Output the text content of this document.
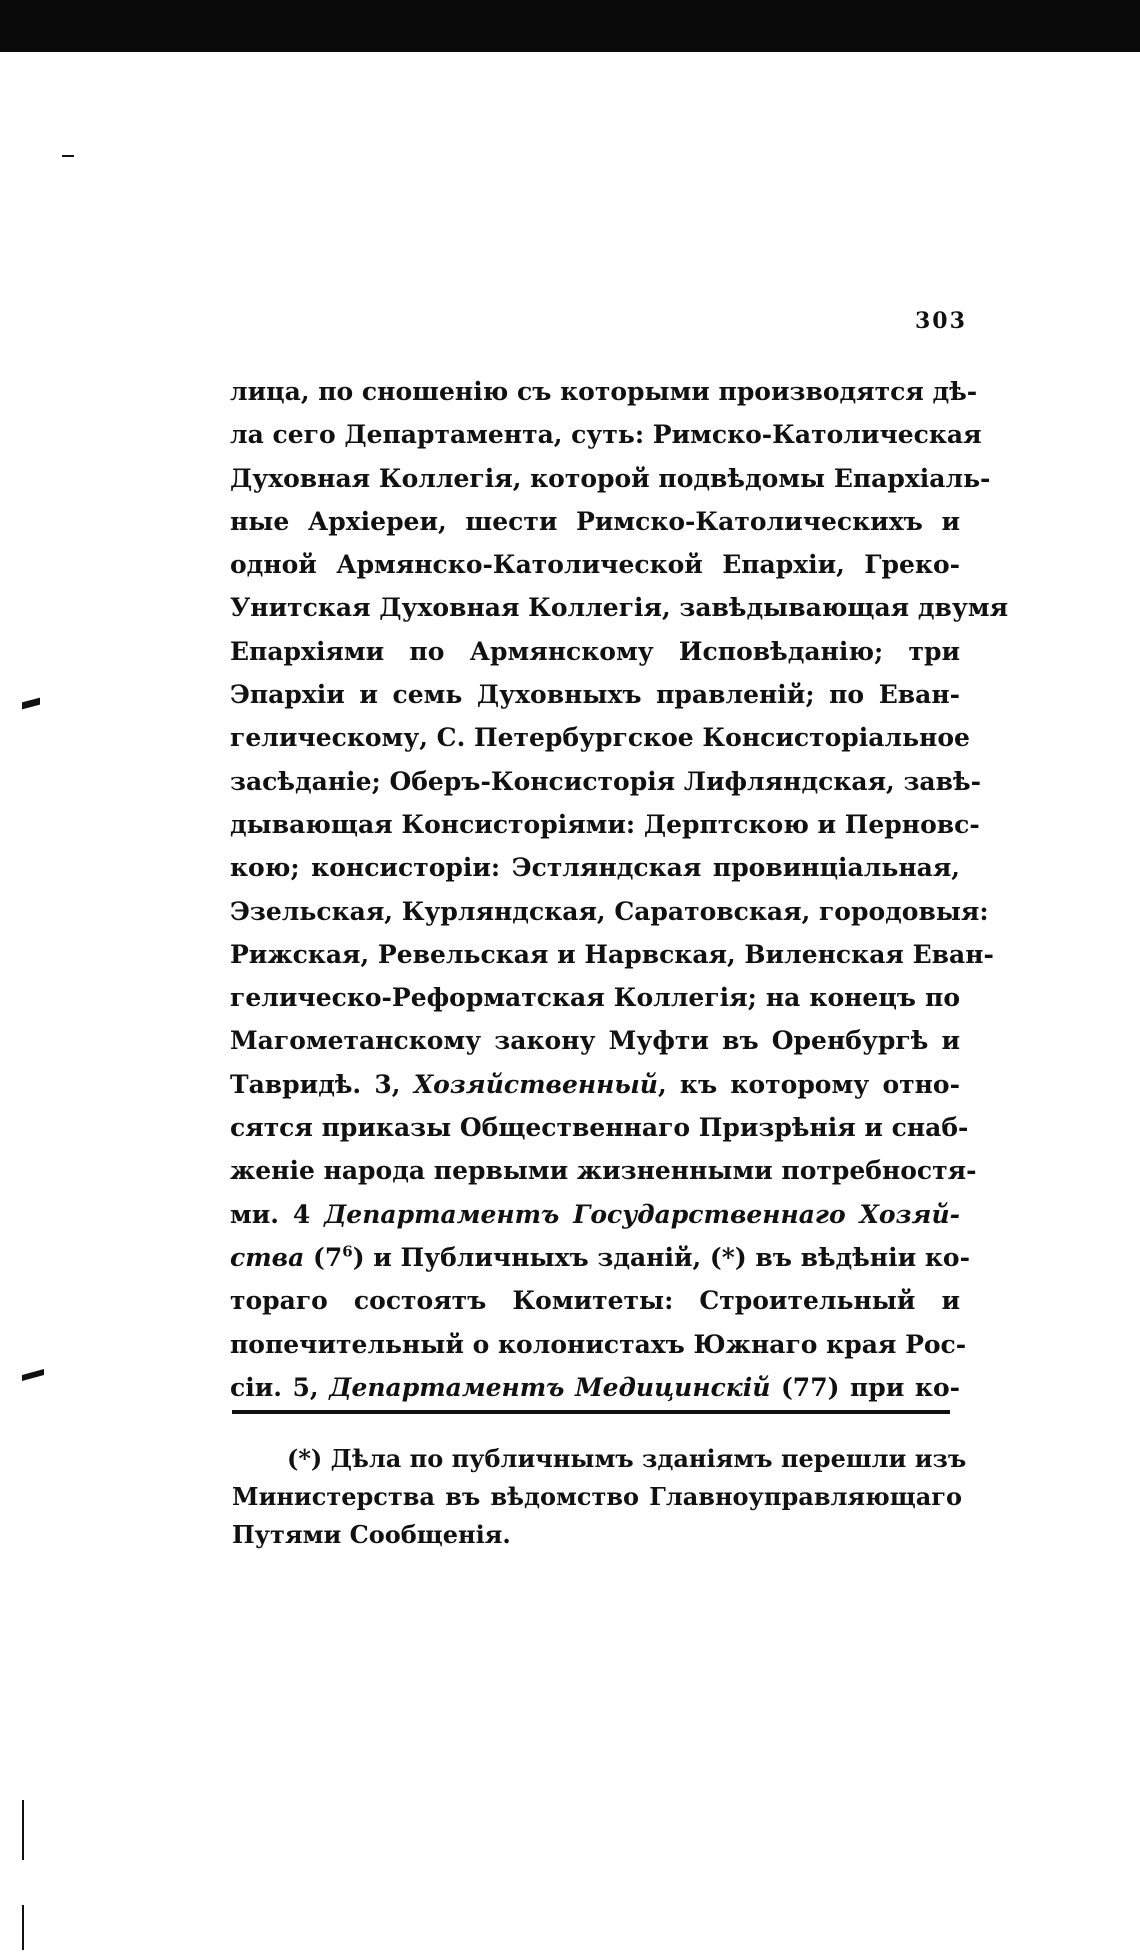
303
лица, по сношенію съ которыми производятся дѣ-
ла сего Департамента, суть: Римско-Католическая
Духовная Коллегія, которой подвѣдомы Епархіаль-
ные Архіереи, шести Римско-Католическихъ и
одной Армянско-Католической Епархіи, Греко-
Унитская Духовная Коллегія, завѣдывающая двумя
Епархіями по Армянскому Исповѣданію; три
Эпархіи и семь Духовныхъ правленій; по Еван-
гелическому, С. Петербургское Консисторіальное
засѣданіе; Оберъ-Консисторія Лифляндская, завѣ-
дывающая Консисторіями: Дерптскою и Перновс-
кою; консисторіи: Эстляндская провинціальная,
Эзельская, Курляндская, Саратовская, городовыя:
Рижская, Ревельская и Нарвская, Виленская Еван-
гелическо-Реформатская Коллегія; на конецъ по
Магометанскому закону Муфти въ Оренбургѣ и
Тавридѣ. 3, Хозяйственный, къ которому отно-
сятся приказы Общественнаго Призрѣнія и снаб-
женіе народа первыми жизненными потребностя-
ми. 4 Департаментъ Государственнаго Хозяй-
ства $(7^6)$ и Публичныхъ зданій, (*) въ вѣдѣніи ко-
тораго состоятъ Комитеты: Строительный и
попечительный о колонистахъ Южнаго края Рос-
сіи. 5, Департаментъ Медицинскій (77) при ко-
(*) Дѣла по публичнымъ зданіямъ перешли изъ
Министерства въ вѣдомство Главноуправляющаго
Путями Сообщенія.
